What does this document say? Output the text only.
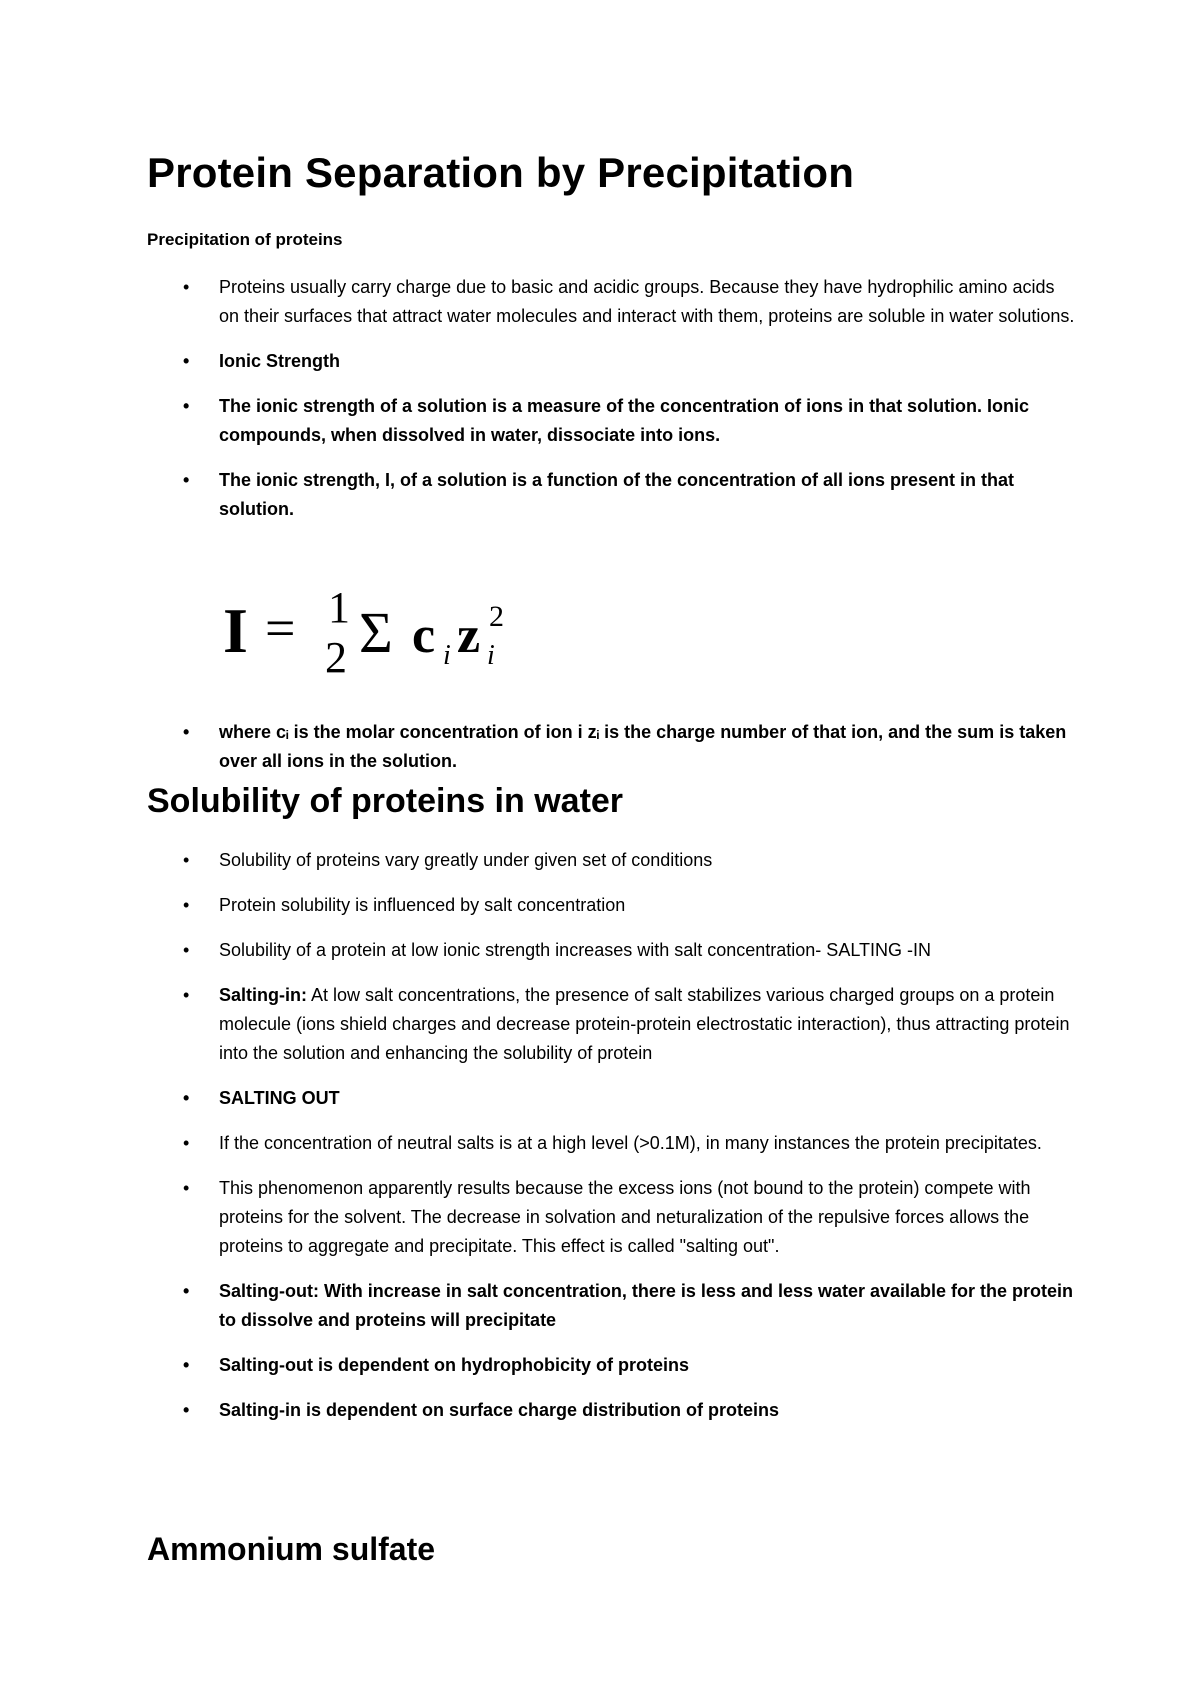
Protein Separation by Precipitation

Precipitation of proteins

• Proteins usually carry charge due to basic and acidic groups. Because they have hydrophilic amino acids on their surfaces that attract water molecules and interact with them, proteins are soluble in water solutions.
• Ionic Strength
• The ionic strength of a solution is a measure of the concentration of ions in that solution. Ionic compounds, when dissolved in water, dissociate into ions.
• The ionic strength, I, of a solution is a function of the concentration of all ions present in that solution.
I = 1
2 Σ c i z i
2
• where cᵢ is the molar concentration of ion i zᵢ is the charge number of that ion, and the sum is taken over all ions in the solution.
Solubility of proteins in water
• Solubility of proteins vary greatly under given set of conditions
• Protein solubility is influenced by salt concentration
• Solubility of a protein at low ionic strength increases with salt concentration- SALTING -IN
• Salting-in: At low salt concentrations, the presence of salt stabilizes various charged groups on a protein molecule (ions shield charges and decrease protein-protein electrostatic interaction), thus attracting protein into the solution and enhancing the solubility of protein
• SALTING OUT
• If the concentration of neutral salts is at a high level (>0.1M), in many instances the protein precipitates.
• This phenomenon apparently results because the excess ions (not bound to the protein) compete with proteins for the solvent. The decrease in solvation and neturalization of the repulsive forces allows the proteins to aggregate and precipitate. This effect is called "salting out".
• Salting-out: With increase in salt concentration, there is less and less water available for the protein to dissolve and proteins will precipitate
• Salting-out is dependent on hydrophobicity of proteins
• Salting-in is dependent on surface charge distribution of proteins
Ammonium sulfate
